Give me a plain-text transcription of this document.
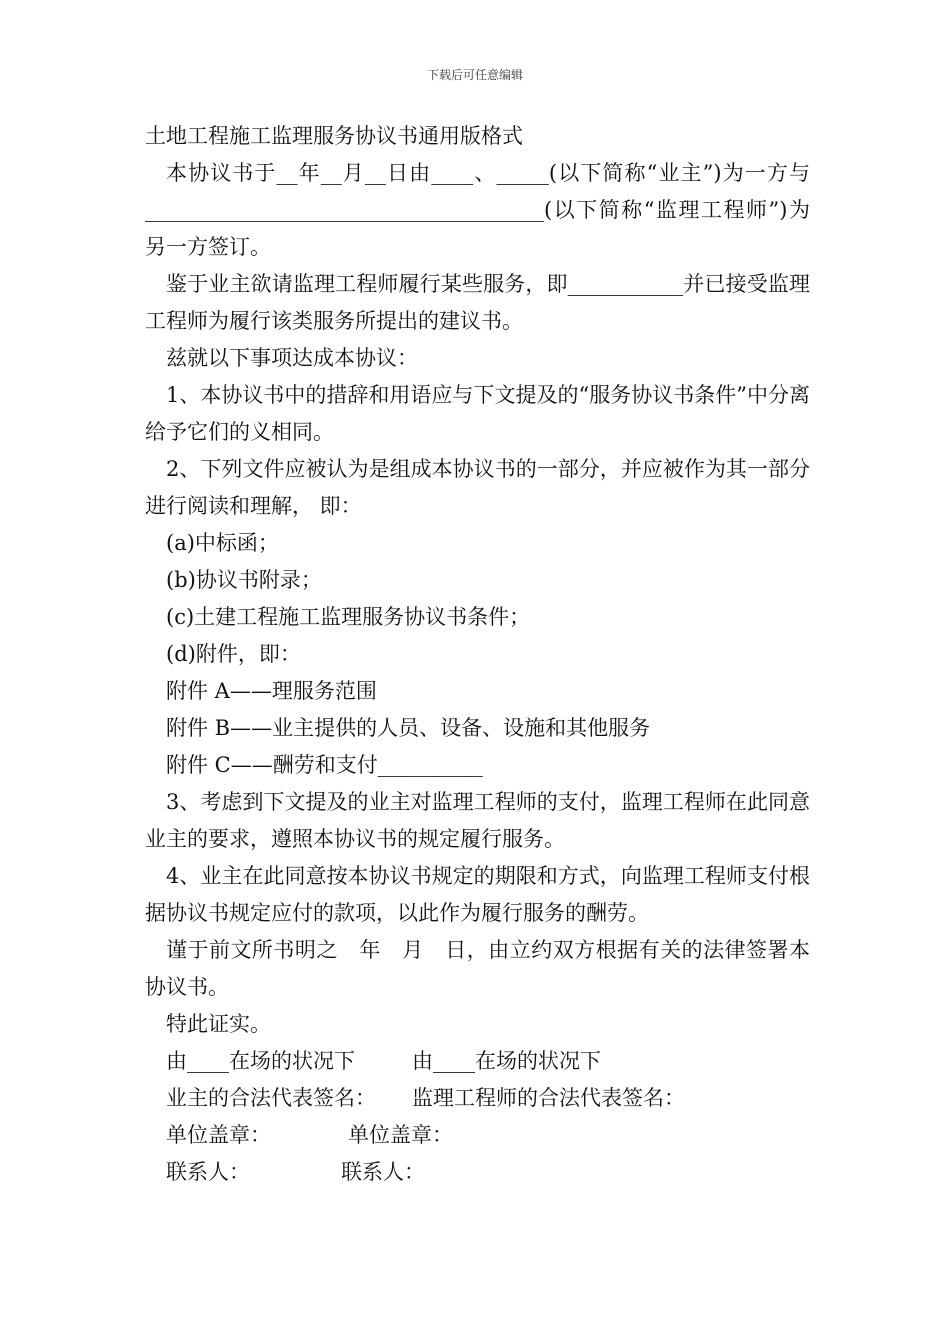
下载后可任意编辑

土地工程施工监理服务协议书通用版格式

本协议书于__年__月__日由____、_____(以下简称“业主”)为一方与______________________________________(以下简称“监理工程师”)为另一方签订。

鉴于业主欲请监理工程师履行某些服务，即___________并已接受监理工程师为履行该类服务所提出的建议书。

兹就以下事项达成本协议：

1、本协议书中的措辞和用语应与下文提及的“服务协议书条件”中分离给予它们的义相同。

2、下列文件应被认为是组成本协议书的一部分，并应被作为其一部分进行阅读和理解， 即：

(a)中标函；

(b)协议书附录；

(c)土建工程施工监理服务协议书条件；

(d)附件，即：

附件 A——理服务范围

附件 B——业主提供的人员、设备、设施和其他服务

附件 C——酬劳和支付__________

3、考虑到下文提及的业主对监理工程师的支付，监理工程师在此同意业主的要求，遵照本协议书的规定履行服务。

4、业主在此同意按本协议书规定的期限和方式，向监理工程师支付根据协议书规定应付的款项，以此作为履行服务的酬劳。

谨于前文所书明之　年　月　日，由立约双方根据有关的法律签署本协议书。

特此证实。

由____在场的状况下	由____在场的状况下

业主的合法代表签名： 监理工程师的合法代表签名：

单位盖章：	单位盖章：

联系人：	联系人：
